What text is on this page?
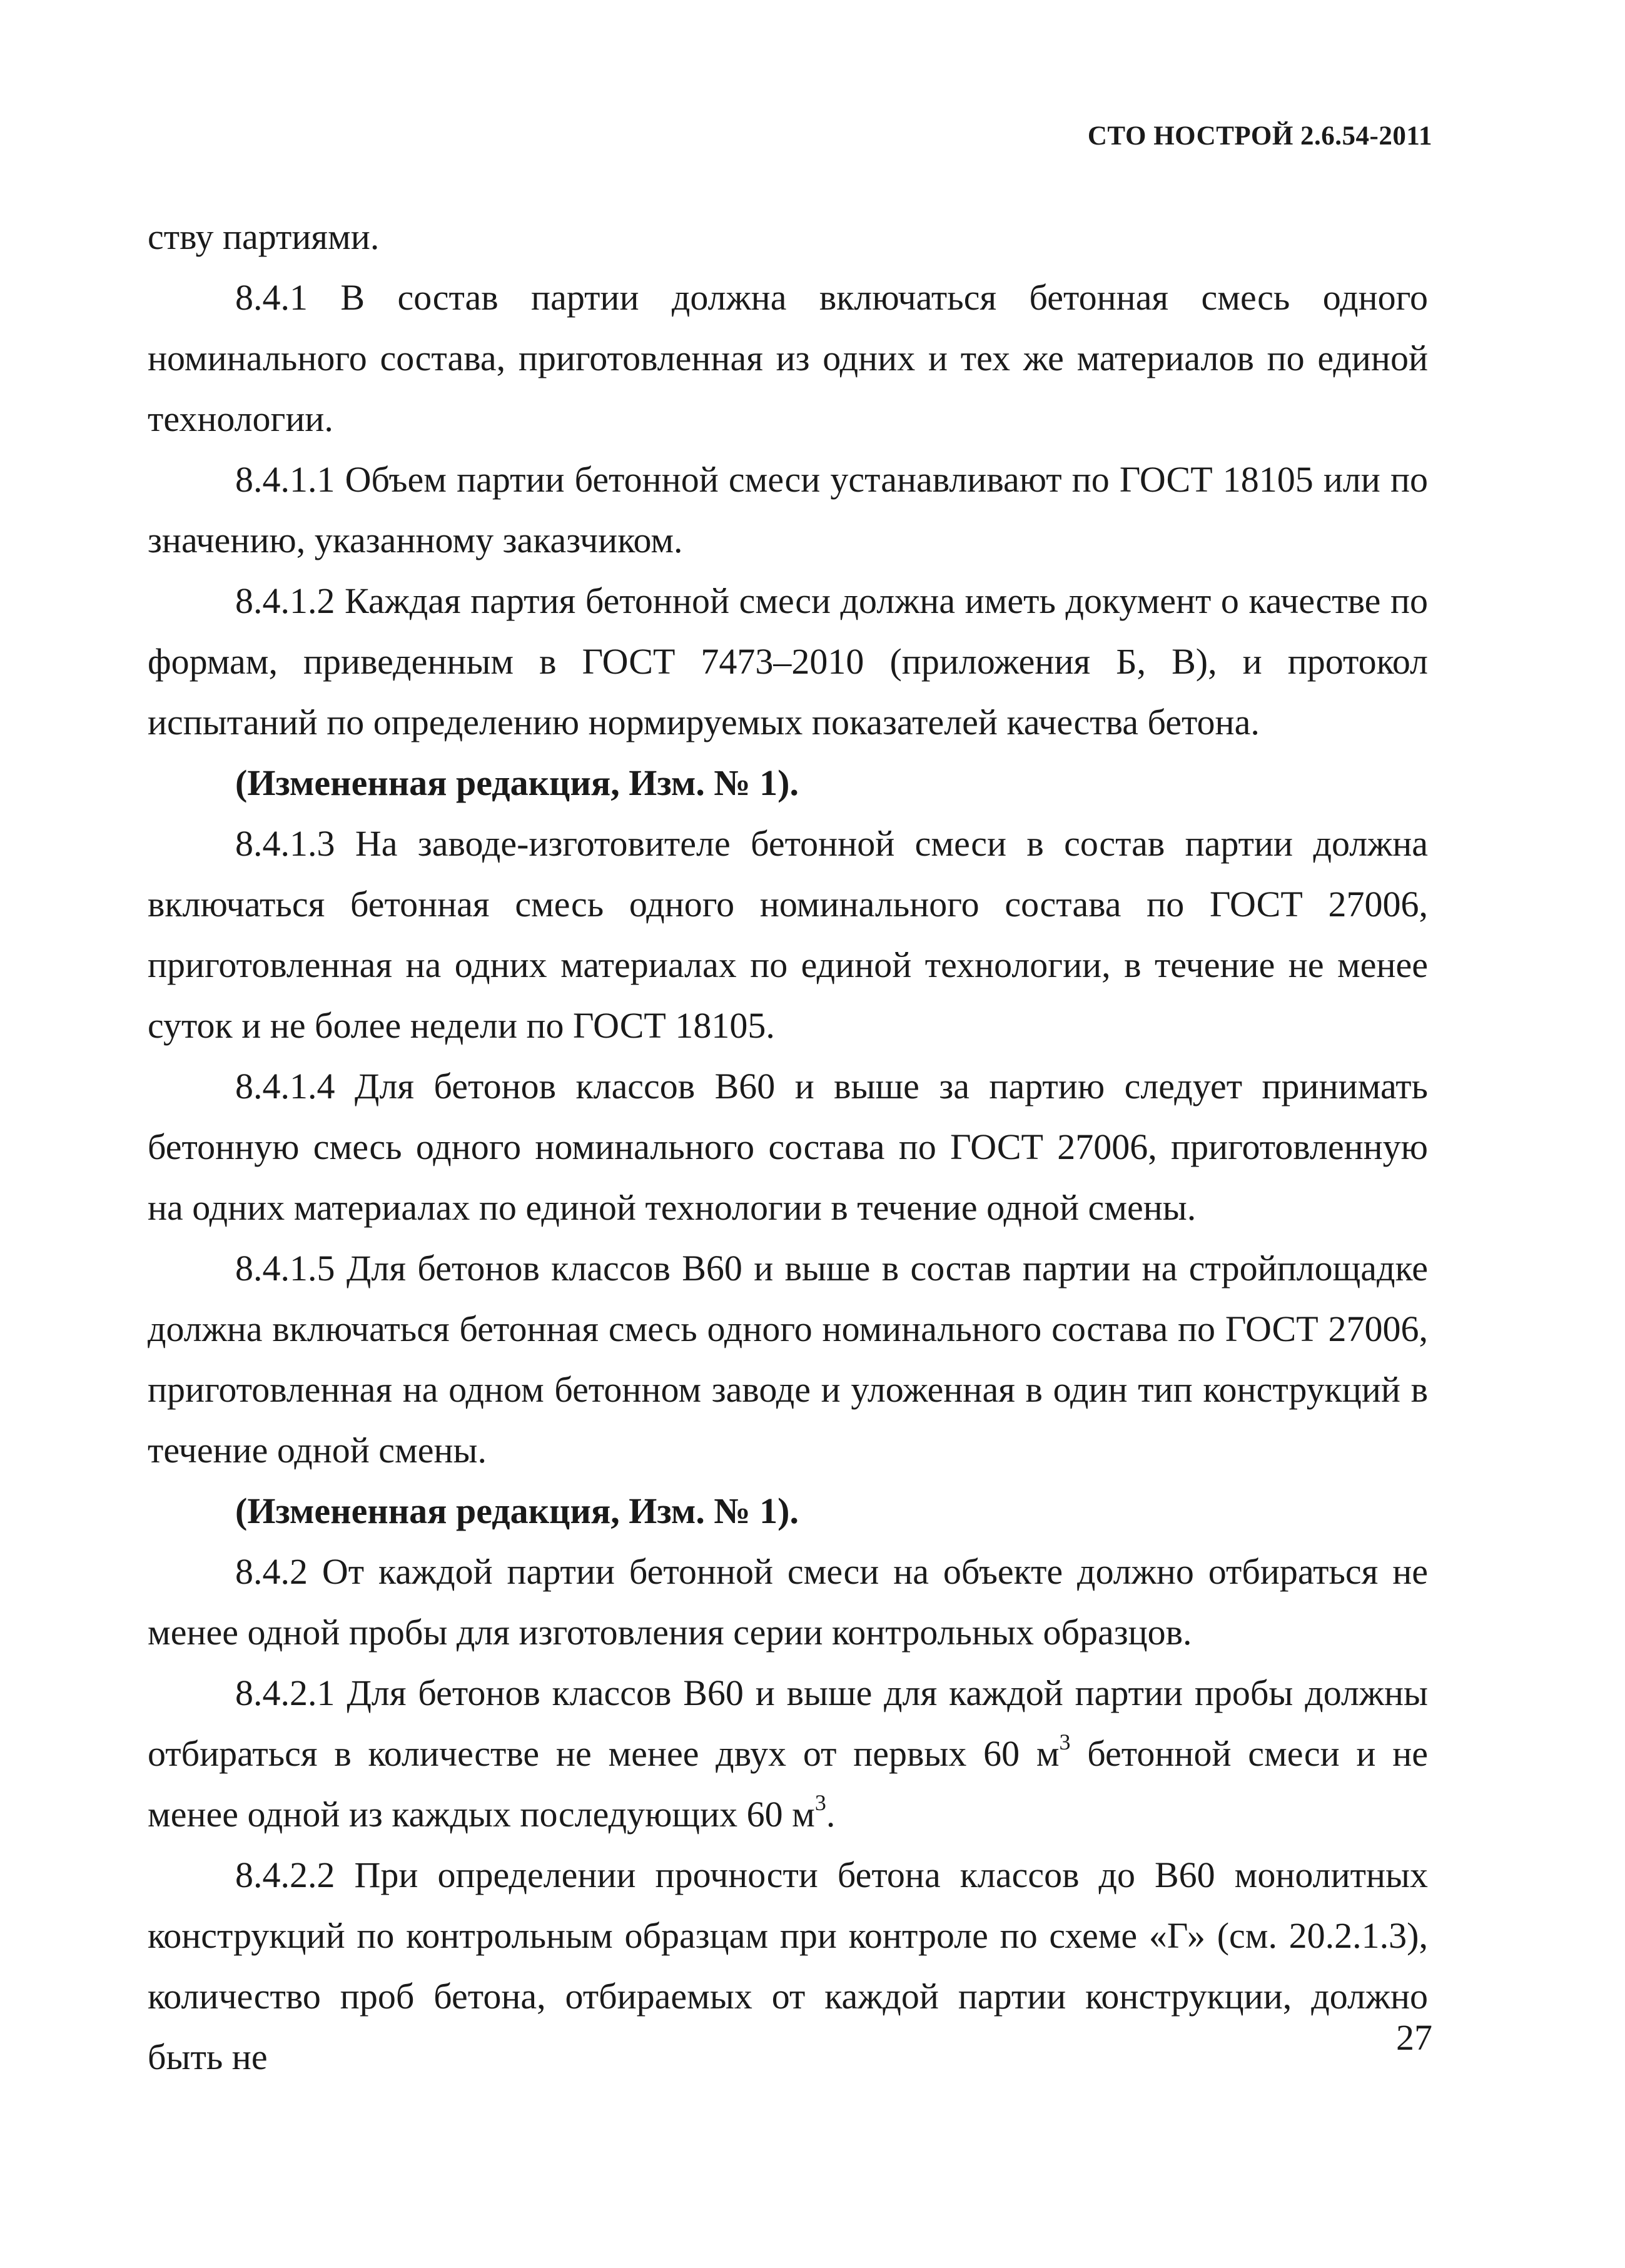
СТО НОСТРОЙ 2.6.54-2011

ству партиями.

8.4.1 В состав партии должна включаться бетонная смесь одного номинального состава, приготовленная из одних и тех же материалов по единой технологии.

8.4.1.1 Объем партии бетонной смеси устанавливают по ГОСТ 18105 или по значению, указанному заказчиком.

8.4.1.2 Каждая партия бетонной смеси должна иметь документ о качестве по формам, приведенным в ГОСТ 7473–2010 (приложения Б, В), и протокол испытаний по определению нормируемых показателей качества бетона.

(Измененная редакция, Изм. № 1).

8.4.1.3 На заводе-изготовителе бетонной смеси в состав партии должна включаться бетонная смесь одного номинального состава по ГОСТ 27006, приготовленная на одних материалах по единой технологии, в течение не менее суток и не более недели по ГОСТ 18105.

8.4.1.4 Для бетонов классов В60 и выше за партию следует принимать бетонную смесь одного номинального состава по ГОСТ 27006, приготовленную на одних материалах по единой технологии в течение одной смены.

8.4.1.5 Для бетонов классов В60 и выше в состав партии на стройплощадке должна включаться бетонная смесь одного номинального состава по ГОСТ 27006, приготовленная на одном бетонном заводе и уложенная в один тип конструкций в течение одной смены.

(Измененная редакция, Изм. № 1).

8.4.2 От каждой партии бетонной смеси на объекте должно отбираться не менее одной пробы для изготовления серии контрольных образцов.

8.4.2.1 Для бетонов классов В60 и выше для каждой партии пробы должны отбираться в количестве не менее двух от первых 60 $м^3$ бетонной смеси и не менее одной из каждых последующих 60 $м^3$.

8.4.2.2 При определении прочности бетона классов до В60 монолитных конструкций по контрольным образцам при контроле по схеме «Г» (см. 20.2.1.3), количество проб бетона, отбираемых от каждой партии конструкции, должно быть не	27
